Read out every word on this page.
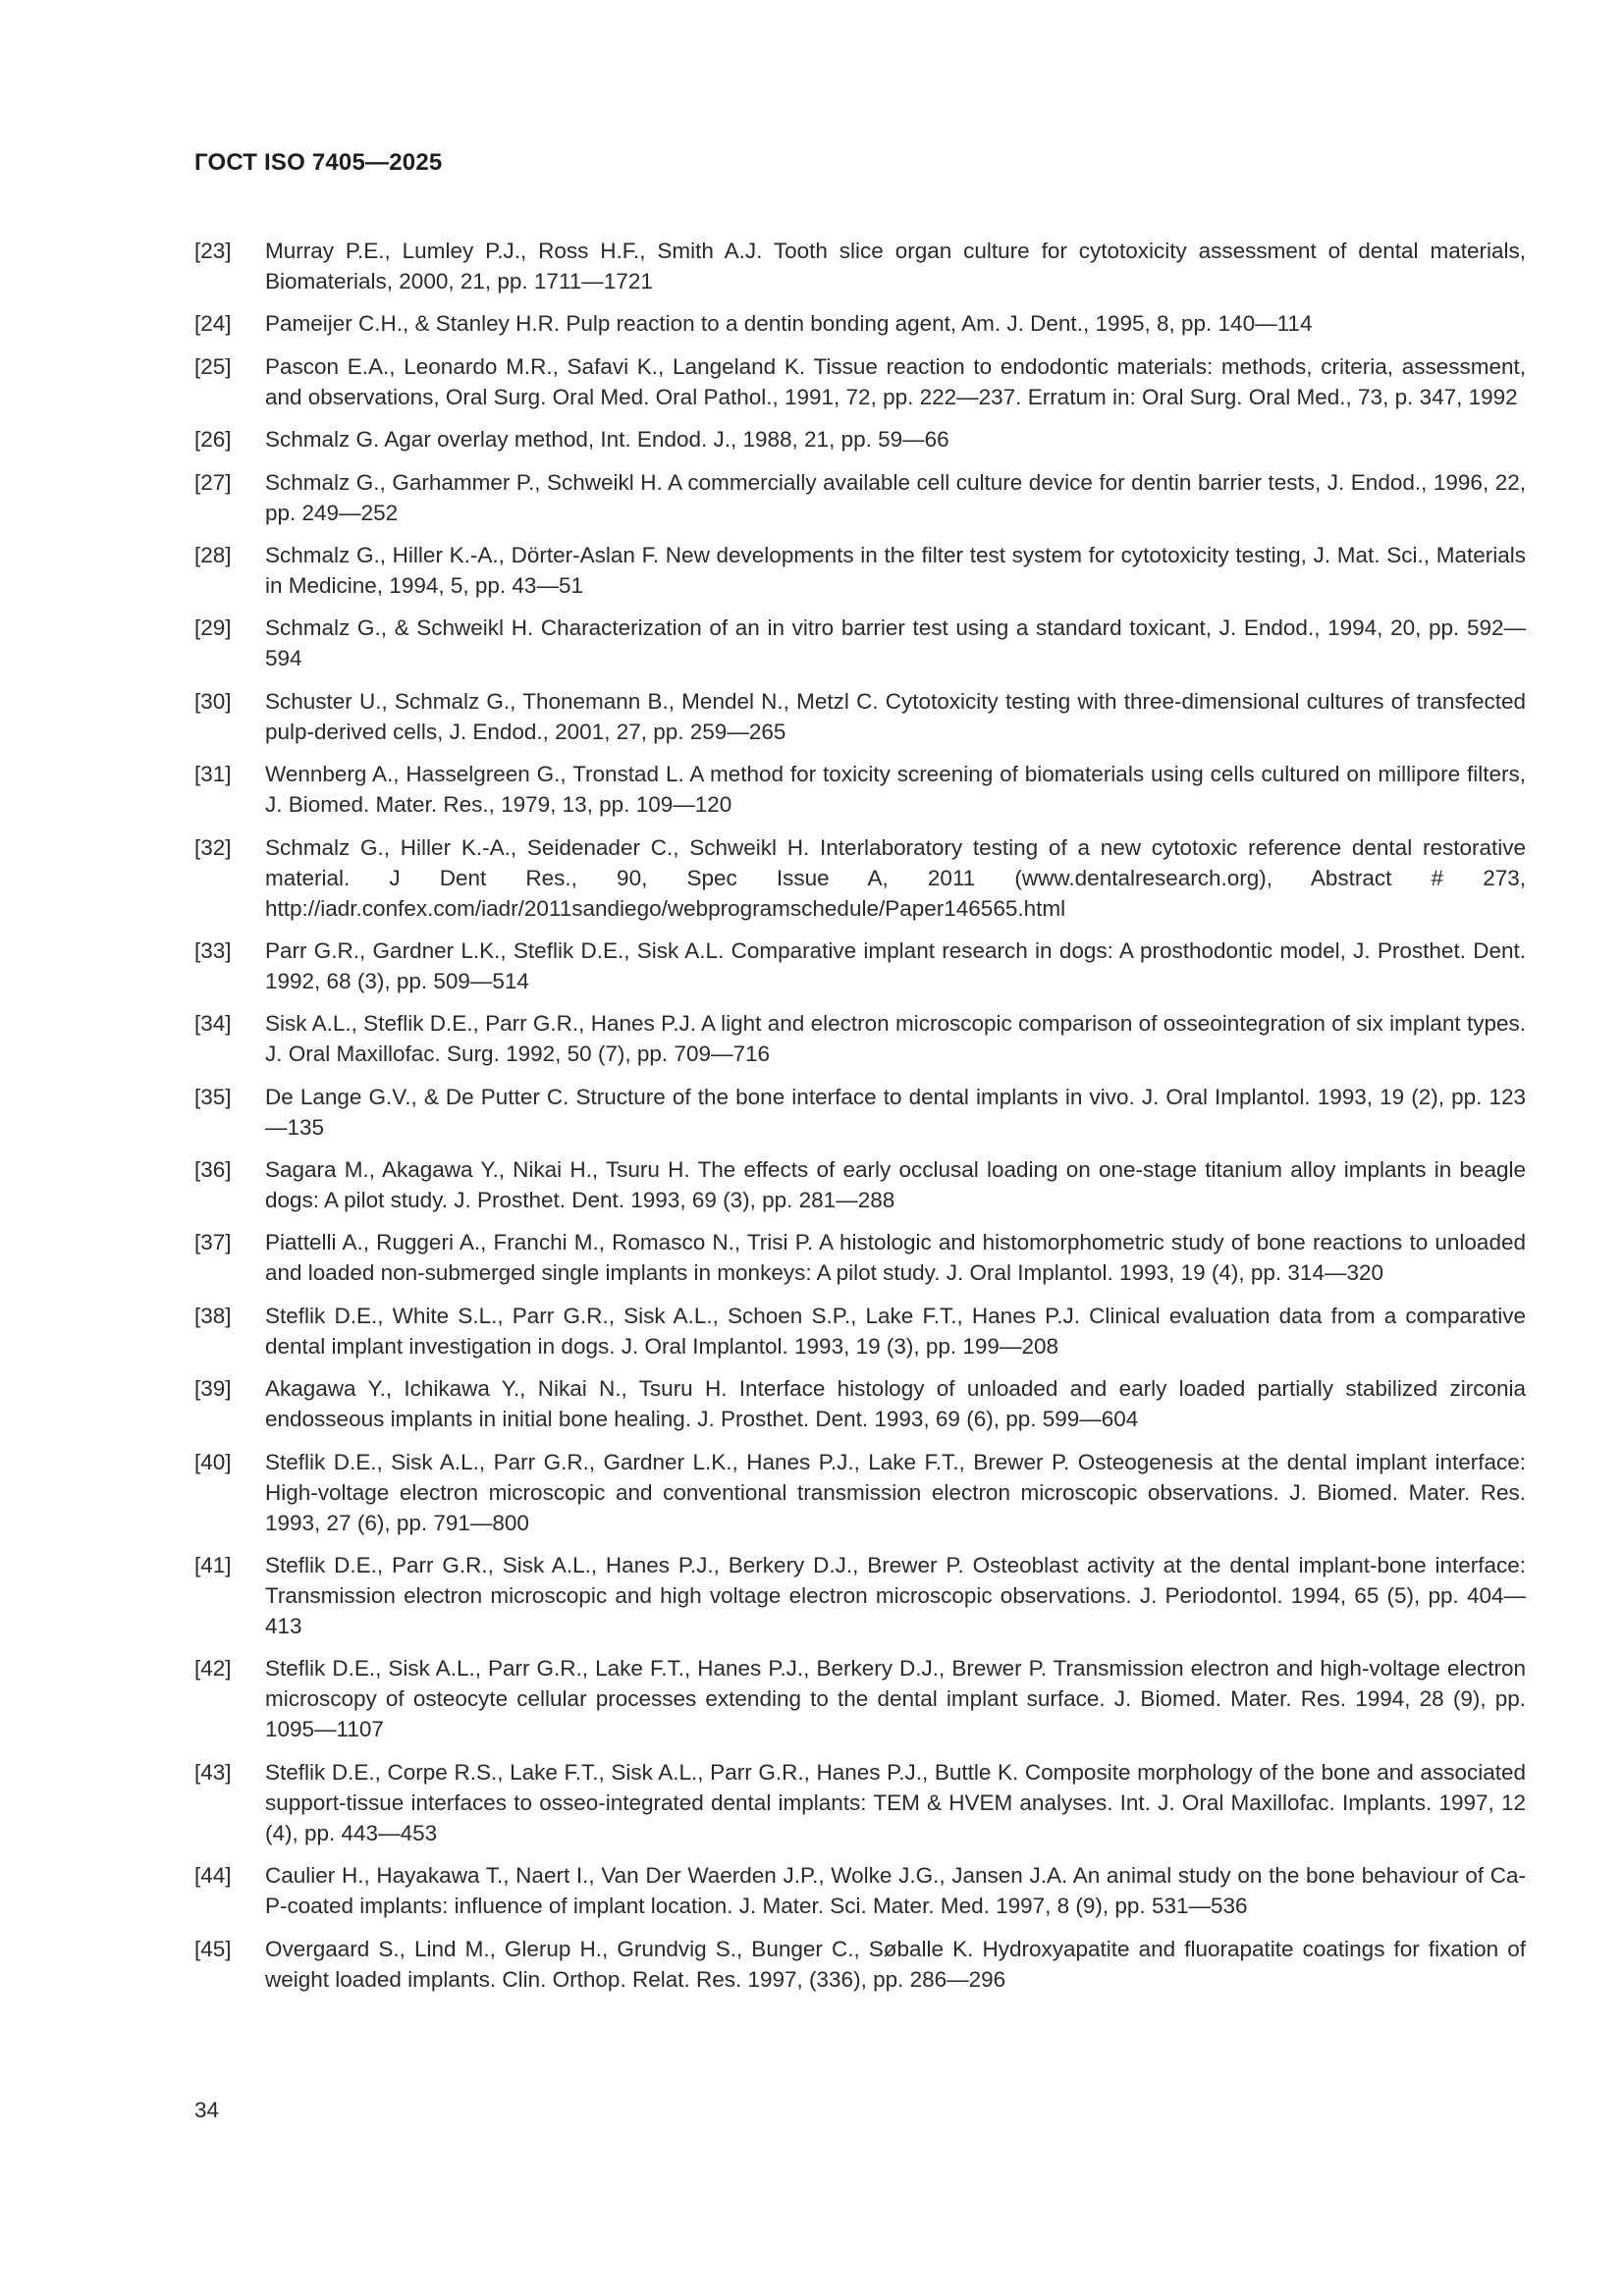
ГОСТ ISO 7405—2025
[23]	Murray P.E., Lumley P.J., Ross H.F., Smith A.J. Tooth slice organ culture for cytotoxicity assessment of dental materials, Biomaterials, 2000, 21, pp. 1711—1721
[24]	Pameijer C.H., & Stanley H.R. Pulp reaction to a dentin bonding agent, Am. J. Dent., 1995, 8, pp. 140—114
[25]	Pascon E.A., Leonardo M.R., Safavi K., Langeland K. Tissue reaction to endodontic materials: methods, criteria, assessment, and observations, Oral Surg. Oral Med. Oral Pathol., 1991, 72, pp. 222—237. Erratum in: Oral Surg. Oral Med., 73, p. 347, 1992
[26]	Schmalz G. Agar overlay method, Int. Endod. J., 1988, 21, pp. 59—66
[27]	Schmalz G., Garhammer P., Schweikl H. A commercially available cell culture device for dentin barrier tests, J. Endod., 1996, 22, pp. 249—252
[28]	Schmalz G., Hiller K.-A., Dörter-Aslan F. New developments in the filter test system for cytotoxicity testing, J. Mat. Sci., Materials in Medicine, 1994, 5, pp. 43—51
[29]	Schmalz G., & Schweikl H. Characterization of an in vitro barrier test using a standard toxicant, J. Endod., 1994, 20, pp. 592—594
[30]	Schuster U., Schmalz G., Thonemann B., Mendel N., Metzl C. Cytotoxicity testing with three-dimensional cultures of transfected pulp-derived cells, J. Endod., 2001, 27, pp. 259—265
[31]	Wennberg A., Hasselgreen G., Tronstad L. A method for toxicity screening of biomaterials using cells cultured on millipore filters, J. Biomed. Mater. Res., 1979, 13, pp. 109—120
[32]	Schmalz G., Hiller K.-A., Seidenader C., Schweikl H. Interlaboratory testing of a new cytotoxic reference dental restorative material. J Dent Res., 90, Spec Issue A, 2011 (www.dentalresearch.org), Abstract # 273, http://iadr.confex.com/iadr/2011sandiego/webprogramschedule/Paper146565.html
[33]	Parr G.R., Gardner L.K., Steflik D.E., Sisk A.L. Comparative implant research in dogs: A prosthodontic model, J. Prosthet. Dent. 1992, 68 (3), pp. 509—514
[34]	Sisk A.L., Steflik D.E., Parr G.R., Hanes P.J. A light and electron microscopic comparison of osseointegration of six implant types. J. Oral Maxillofac. Surg. 1992, 50 (7), pp. 709—716
[35]	De Lange G.V., & De Putter C. Structure of the bone interface to dental implants in vivo. J. Oral Implantol. 1993, 19 (2), pp. 123—135
[36]	Sagara M., Akagawa Y., Nikai H., Tsuru H. The effects of early occlusal loading on one-stage titanium alloy implants in beagle dogs: A pilot study. J. Prosthet. Dent. 1993, 69 (3), pp. 281—288
[37]	Piattelli A., Ruggeri A., Franchi M., Romasco N., Trisi P. A histologic and histomorphometric study of bone reactions to unloaded and loaded non-submerged single implants in monkeys: A pilot study. J. Oral Implantol. 1993, 19 (4), pp. 314—320
[38]	Steflik D.E., White S.L., Parr G.R., Sisk A.L., Schoen S.P., Lake F.T., Hanes P.J. Clinical evaluation data from a comparative dental implant investigation in dogs. J. Oral Implantol. 1993, 19 (3), pp. 199—208
[39]	Akagawa Y., Ichikawa Y., Nikai N., Tsuru H. Interface histology of unloaded and early loaded partially stabilized zirconia endosseous implants in initial bone healing. J. Prosthet. Dent. 1993, 69 (6), pp. 599—604
[40]	Steflik D.E., Sisk A.L., Parr G.R., Gardner L.K., Hanes P.J., Lake F.T., Brewer P. Osteogenesis at the dental implant interface: High-voltage electron microscopic and conventional transmission electron microscopic observations. J. Biomed. Mater. Res. 1993, 27 (6), pp. 791—800
[41]	Steflik D.E., Parr G.R., Sisk A.L., Hanes P.J., Berkery D.J., Brewer P. Osteoblast activity at the dental implant-bone interface: Transmission electron microscopic and high voltage electron microscopic observations. J. Periodontol. 1994, 65 (5), pp. 404—413
[42]	Steflik D.E., Sisk A.L., Parr G.R., Lake F.T., Hanes P.J., Berkery D.J., Brewer P. Transmission electron and high-voltage electron microscopy of osteocyte cellular processes extending to the dental implant surface. J. Biomed. Mater. Res. 1994, 28 (9), pp. 1095—1107
[43]	Steflik D.E., Corpe R.S., Lake F.T., Sisk A.L., Parr G.R., Hanes P.J., Buttle K. Composite morphology of the bone and associated support-tissue interfaces to osseo-integrated dental implants: TEM & HVEM analyses. Int. J. Oral Maxillofac. Implants. 1997, 12 (4), pp. 443—453
[44]	Caulier H., Hayakawa T., Naert I., Van Der Waerden J.P., Wolke J.G., Jansen J.A. An animal study on the bone behaviour of Ca-P-coated implants: influence of implant location. J. Mater. Sci. Mater. Med. 1997, 8 (9), pp. 531—536
[45]	Overgaard S., Lind M., Glerup H., Grundvig S., Bunger C., Søballe K. Hydroxyapatite and fluorapatite coatings for fixation of weight loaded implants. Clin. Orthop. Relat. Res. 1997, (336), pp. 286—296
34
